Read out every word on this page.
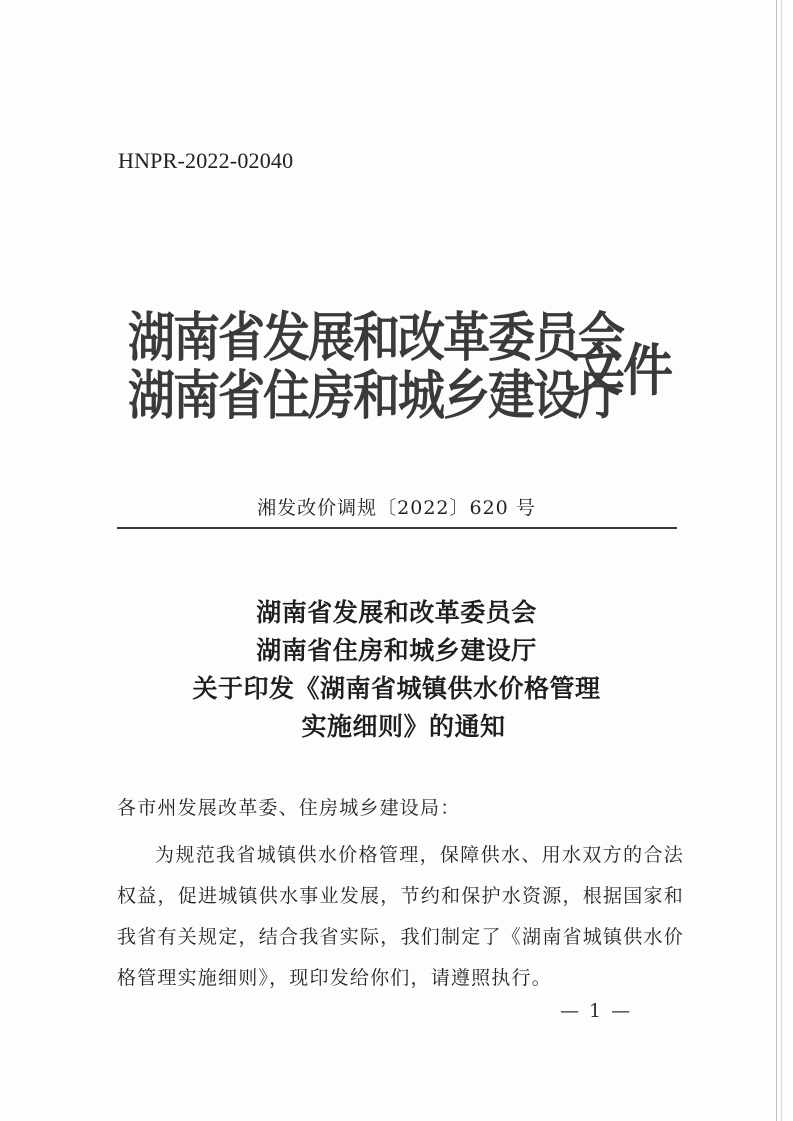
HNPR-2022-02040
湖南省发展和改革委员会
湖南省住房和城乡建设厅
文件
湘发改价调规〔2022〕620 号
湖南省发展和改革委员会
湖南省住房和城乡建设厅
关于印发《湖南省城镇供水价格管理
实施细则》的通知
各市州发展改革委、住房城乡建设局：

为规范我省城镇供水价格管理，保障供水、用水双方的合法权益，促进城镇供水事业发展，节约和保护水资源，根据国家和我省有关规定，结合我省实际，我们制定了《湖南省城镇供水价格管理实施细则》，现印发给你们，请遵照执行。

— 1 —
